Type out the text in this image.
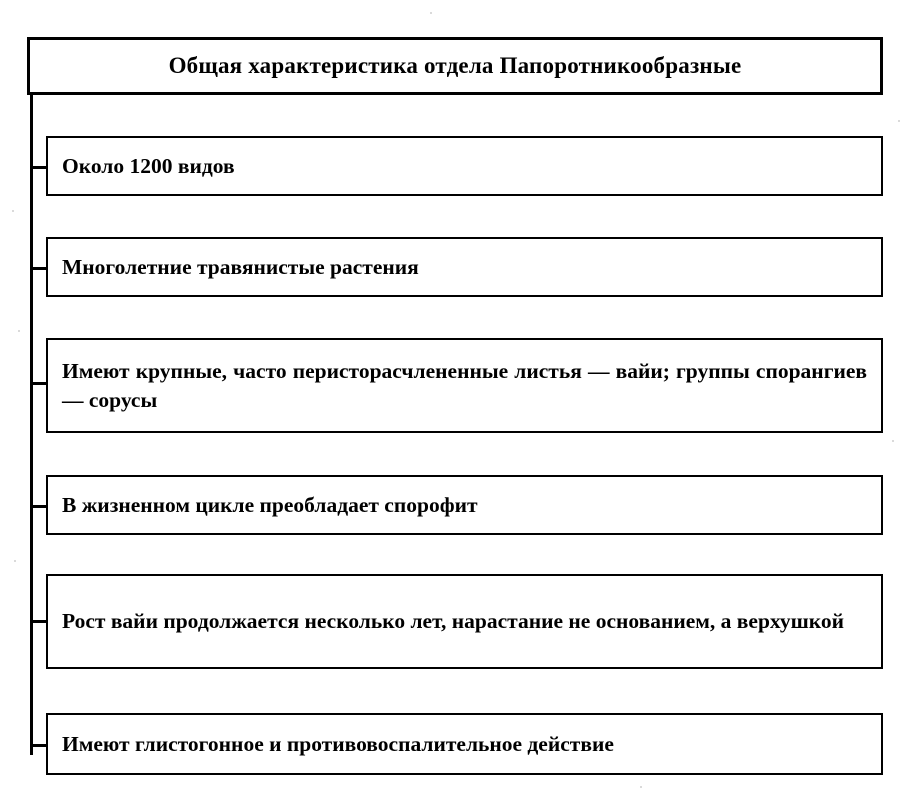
Общая характеристика отдела Папоротникообразные
Около 1200 видов
Многолетние травянистые растения
Имеют крупные, часто перисторасчлененные листья — вайи; группы спорангиев — сорусы
В жизненном цикле преобладает спорофит
Рост вайи продолжается несколько лет, нарастание не основанием, а верхушкой
Имеют глистогонное и противовоспалительное действие
